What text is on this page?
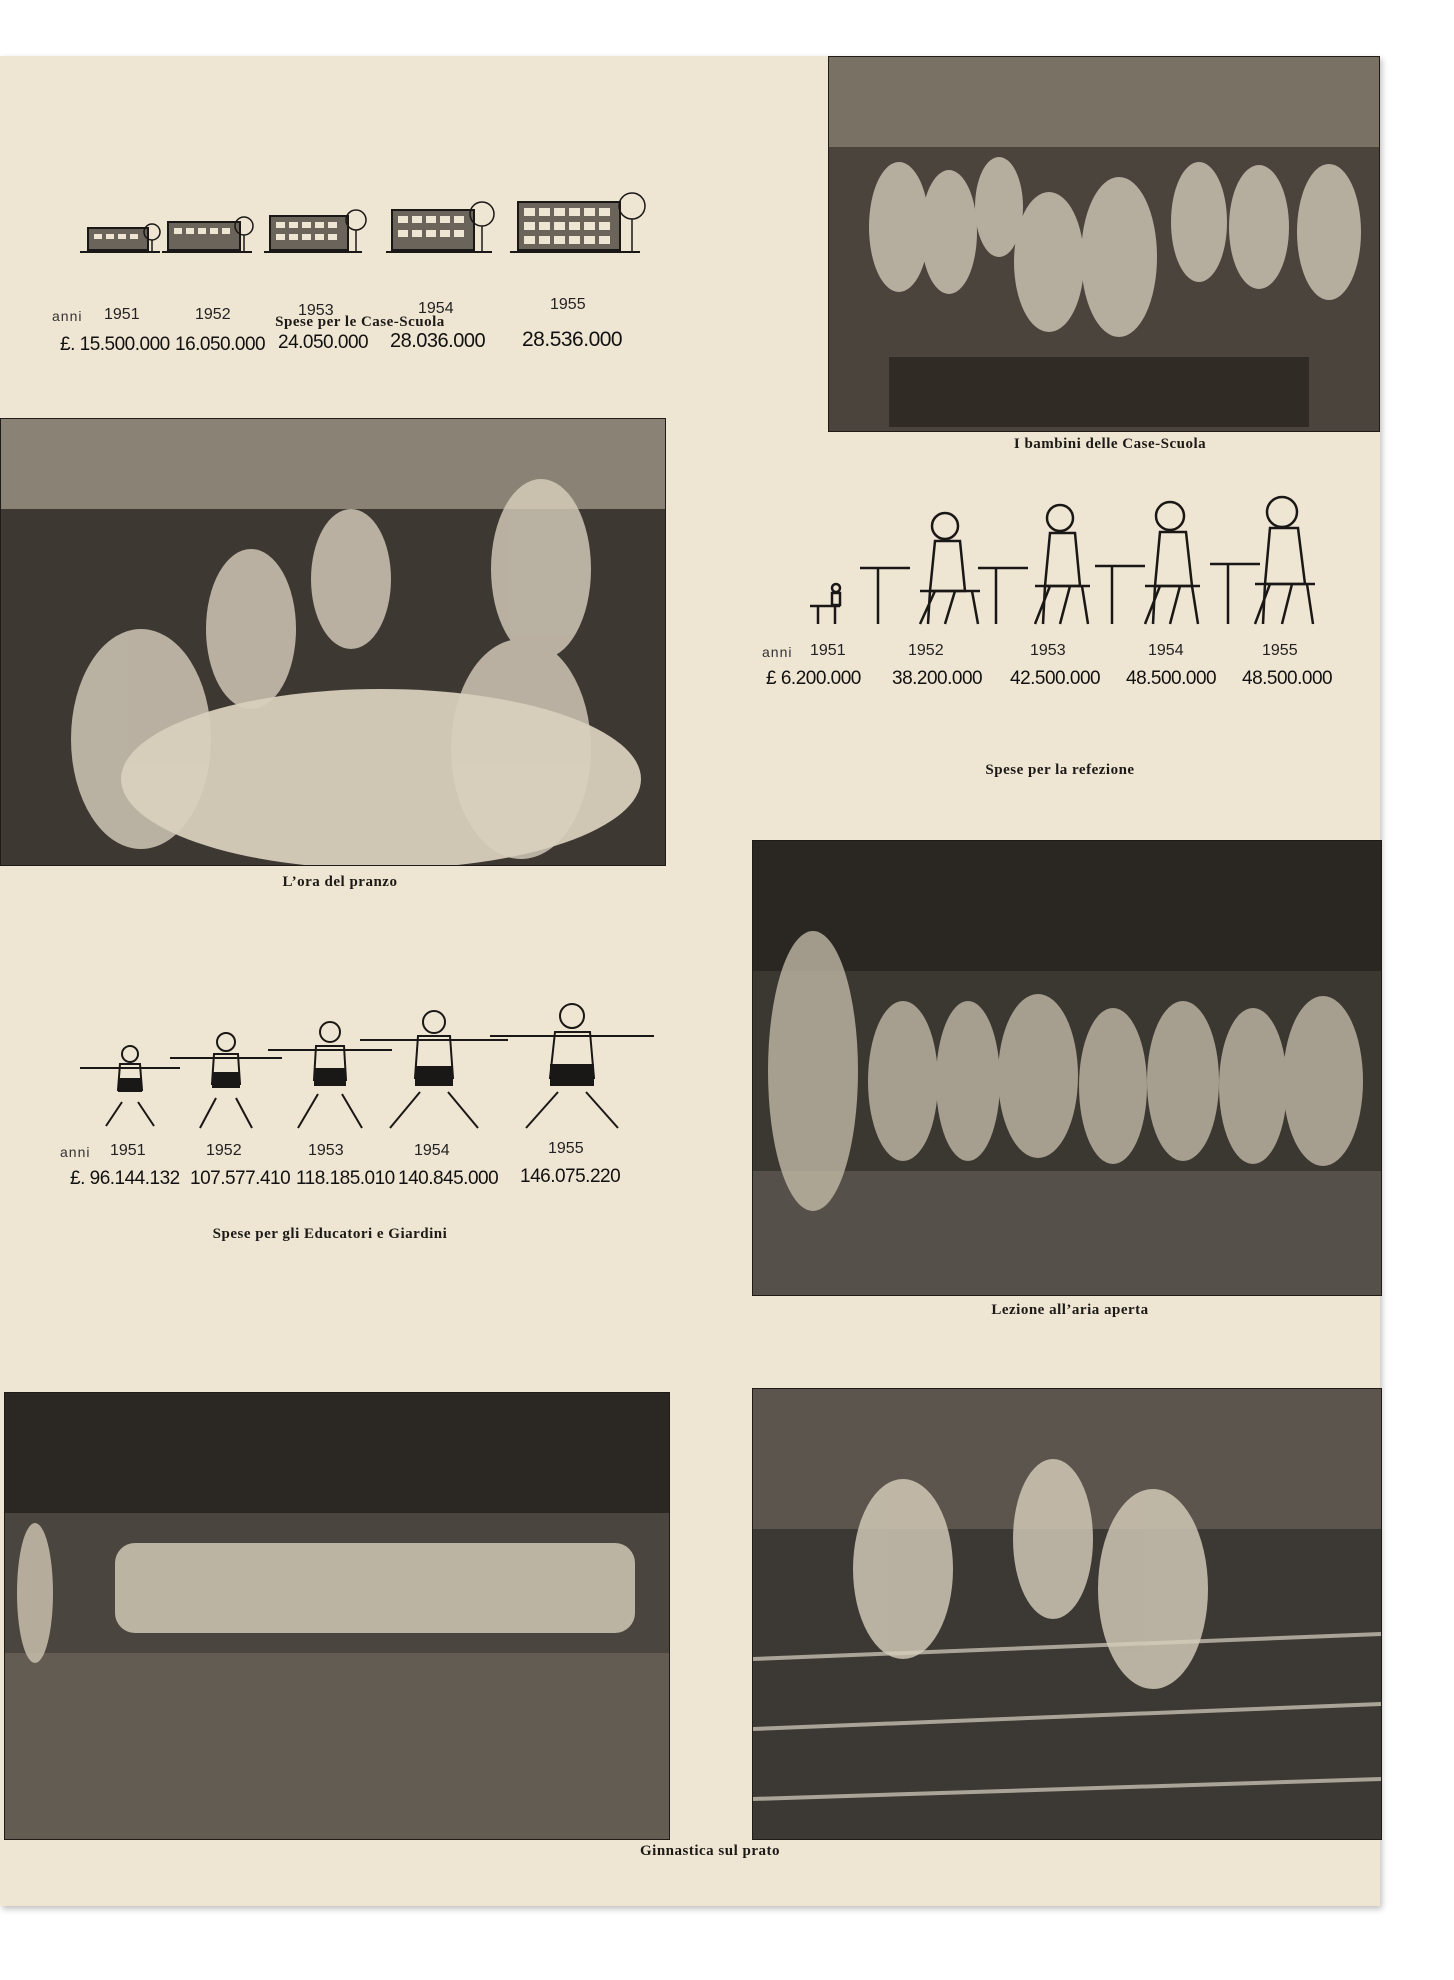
anni 1951	1952	1953	1954	1955
£. 15.500.000 16.050.000 24.050.000 28.036.000 28.536.000
Spese per le Case-Scuola
I bambini delle Case-Scuola
L’ora del pranzo
anni 1951	1952	1953	1954	1955
£ 6.200.000 38.200.000 42.500.000 48.500.000 48.500.000
Spese per la refezione
Lezione all’aria aperta
anni 1951	1952	1953	1954	1955
£. 96.144.132 107.577.410 118.185.010 140.845.000 146.075.220
Spese per gli Educatori e Giardini
Ginnastica sul prato
